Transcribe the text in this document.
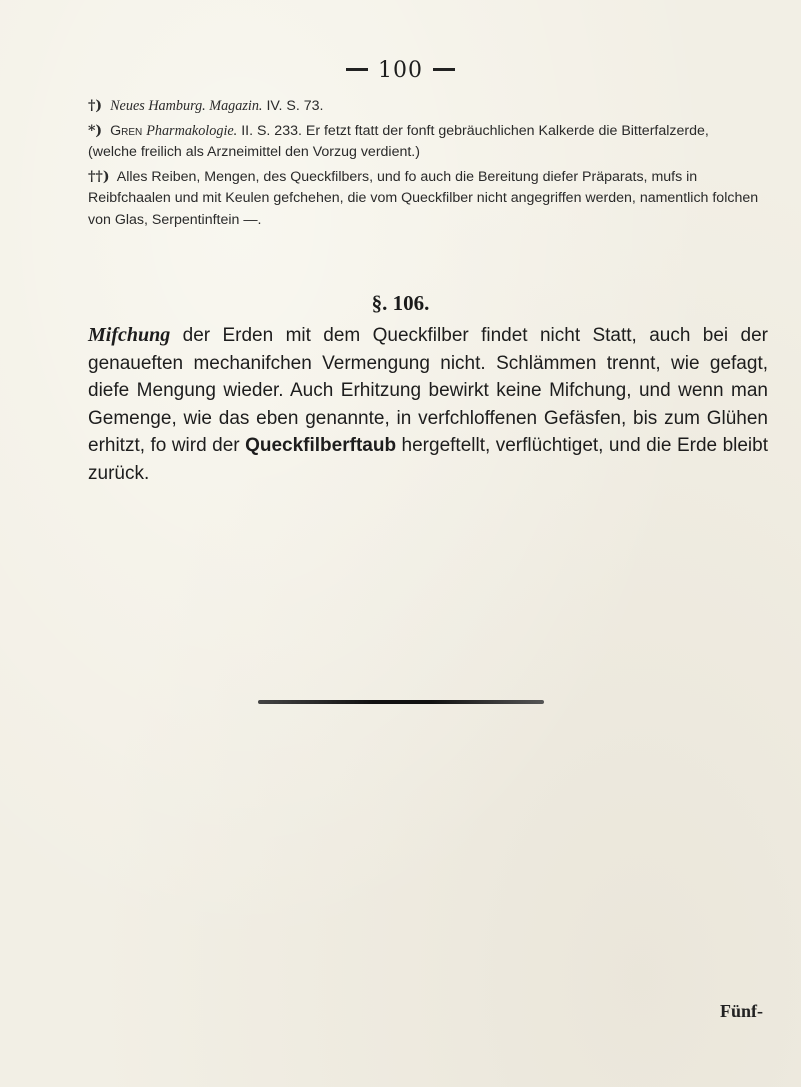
100

†) Neues Hamburg. Magazin. IV. S. 73.

*) Gren Pharmakologie. II. S. 233. Er fetzt ftatt der fonft gebräuchlichen Kalkerde die Bitterfalzerde, (welche freilich als Arzneimittel den Vorzug verdient.)

††) Alles Reiben, Mengen, des Queckfilbers, und fo auch die Bereitung diefer Präparats, mufs in Reibfchaalen und mit Keulen gefchehen, die vom Queckfilber nicht angegriffen werden, namentlich folchen von Glas, Serpentinftein —.

§. 106.
Mifchung der Erden mit dem Queckfilber findet nicht Statt, auch bei der genaueften mechanifchen Vermengung nicht. Schlämmen trennt, wie gefagt, diefe Mengung wieder. Auch Erhitzung bewirkt keine Mifchung, und wenn man Gemenge, wie das eben genannte, in verfchloffenen Gefäsfen, bis zum Glühen erhitzt, fo wird der Queckfilberftaub hergeftellt, verflüchtiget, und die Erde bleibt zurück.
Fünf-
